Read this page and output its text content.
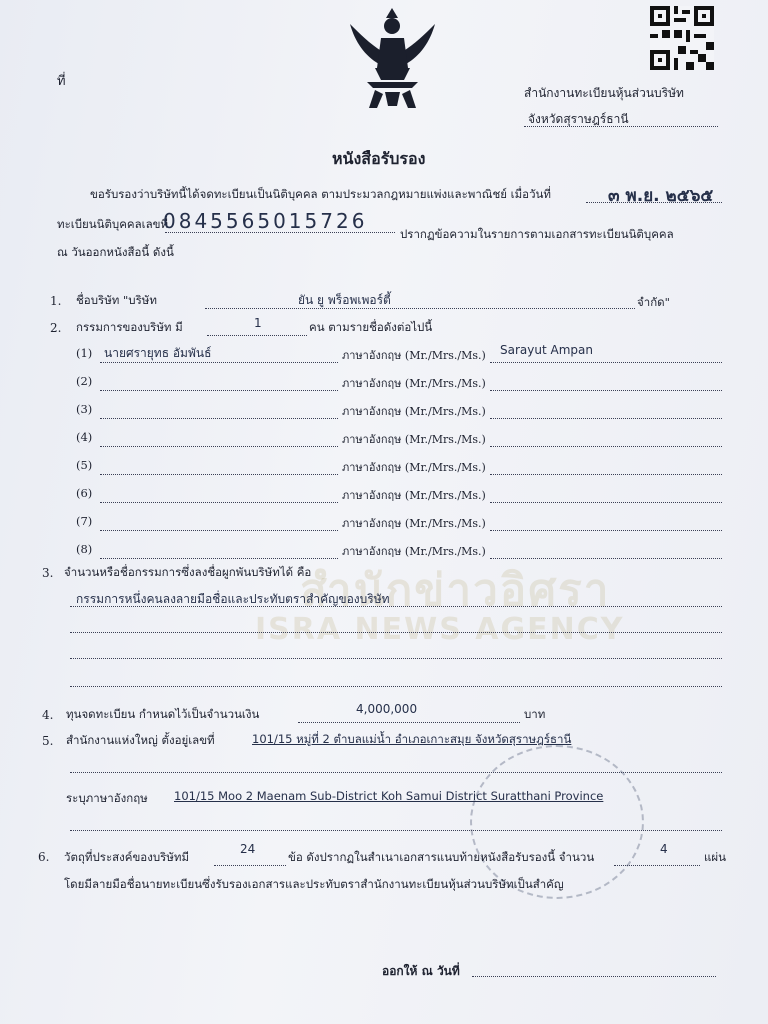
สำนักข่าวอิศรา
ISRA NEWS AGENCY
ที่
สำนักงานทะเบียนหุ้นส่วนบริษัท
จังหวัดสุราษฎร์ธานี
หนังสือรับรอง
ขอรับรองว่าบริษัทนี้ได้จดทะเบียนเป็นนิติบุคคล ตามประมวลกฎหมายแพ่งและพาณิชย์ เมื่อวันที่	๓ พ.ย. ๒๕๖๕
ทะเบียนนิติบุคคลเลขที่
0845565015726
ปรากฏข้อความในรายการตามเอกสารทะเบียนนิติบุคคล
ณ วันออกหนังสือนี้ ดังนี้
1. ชื่อบริษัท "บริษัท	ยัน ยู พร็อพเพอร์ตี้	จำกัด"
2. กรรมการของบริษัท มี	1	คน ตามรายชื่อดังต่อไปนี้
(1) นายศรายุทธ อัมพันธ์	ภาษาอังกฤษ (Mr./Mrs./Ms.) Sarayut Ampan
(2)	ภาษาอังกฤษ (Mr./Mrs./Ms.)
(3)	ภาษาอังกฤษ (Mr./Mrs./Ms.)
(4)	ภาษาอังกฤษ (Mr./Mrs./Ms.)
(5)	ภาษาอังกฤษ (Mr./Mrs./Ms.)
(6)	ภาษาอังกฤษ (Mr./Mrs./Ms.)
(7)	ภาษาอังกฤษ (Mr./Mrs./Ms.)
(8)	ภาษาอังกฤษ (Mr./Mrs./Ms.)
3. จำนวนหรือชื่อกรรมการซึ่งลงชื่อผูกพันบริษัทได้ คือ
กรรมการหนึ่งคนลงลายมือชื่อและประทับตราสำคัญของบริษัท
4. ทุนจดทะเบียน กำหนดไว้เป็นจำนวนเงิน	4,000,000	บาท
5. สำนักงานแห่งใหญ่ ตั้งอยู่เลขที่	101/15 หมู่ที่ 2 ตำบลแม่น้ำ อำเภอเกาะสมุย จังหวัดสุราษฎร์ธานี
ระบุภาษาอังกฤษ 101/15 Moo 2 Maenam Sub-District Koh Samui District Suratthani Province
6. วัตถุที่ประสงค์ของบริษัทมี
24
ข้อ ดังปรากฏในสำเนาเอกสารแนบท้ายหนังสือรับรองนี้ จำนวน
4
แผ่น
โดยมีลายมือชื่อนายทะเบียนซึ่งรับรองเอกสารและประทับตราสำนักงานทะเบียนหุ้นส่วนบริษัทเป็นสำคัญ
ออกให้ ณ วันที่
